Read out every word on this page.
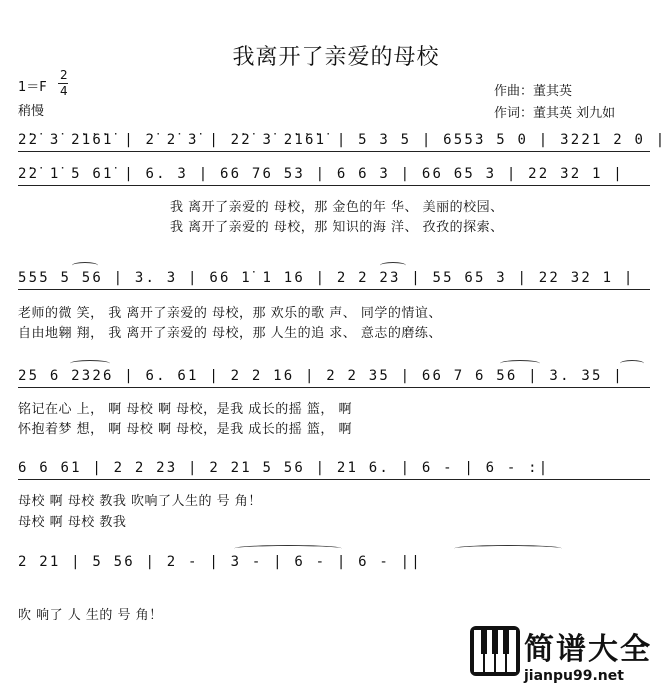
我离开了亲爱的母校
1＝F
2
4
稍慢
作曲：董其英
作词：董其英 刘九如
2̇2̇ 3̇ 2̇1̇6̇1̇ | 2̇ 2̇ 3̇ | 2̇2̇ 3̇ 2̇1̇6̇1̇ | 5 3 5 | 6553 5 0 | 3221 2 0 |
2̇2̇ 1̇ 5 61̇ | 6. 3 | 66 76 53 | 6 6 3 | 66 65 3 | 22 32 1 |
我 离开了亲爱的 母校，那 金色的年 华、 美丽的校园、
我 离开了亲爱的 母校，那 知识的海 洋、 孜孜的探索、
555 5 56 | 3. 3 | 66 1̇ 1 16 | 2 2 23 | 55 65 3 | 22 32 1 |
老师的微 笑， 我 离开了亲爱的 母校，那 欢乐的歌 声、 同学的情谊、
自由地翱 翔， 我 离开了亲爱的 母校，那 人生的追 求、 意志的磨练、
25 6 2326 | 6. 61 | 2 2 16 | 2 2 35 | 66 7 6 56 | 3. 35 |
铭记在心 上， 啊 母校 啊 母校，是我 成长的摇 篮， 啊
怀抱着梦 想， 啊 母校 啊 母校，是我 成长的摇 篮， 啊
6 6 61 | 2 2 23 | 2 21 5 56 | 21 6. | 6 - | 6 - :|
母校 啊 母校 教我 吹响了人生的 号 角！
母校 啊 母校 教我
2 21 | 5 56 | 2 - | 3 - | 6 - | 6 - ||
吹 响了 人 生的 号 角！
简谱大全
jianpu99.net
